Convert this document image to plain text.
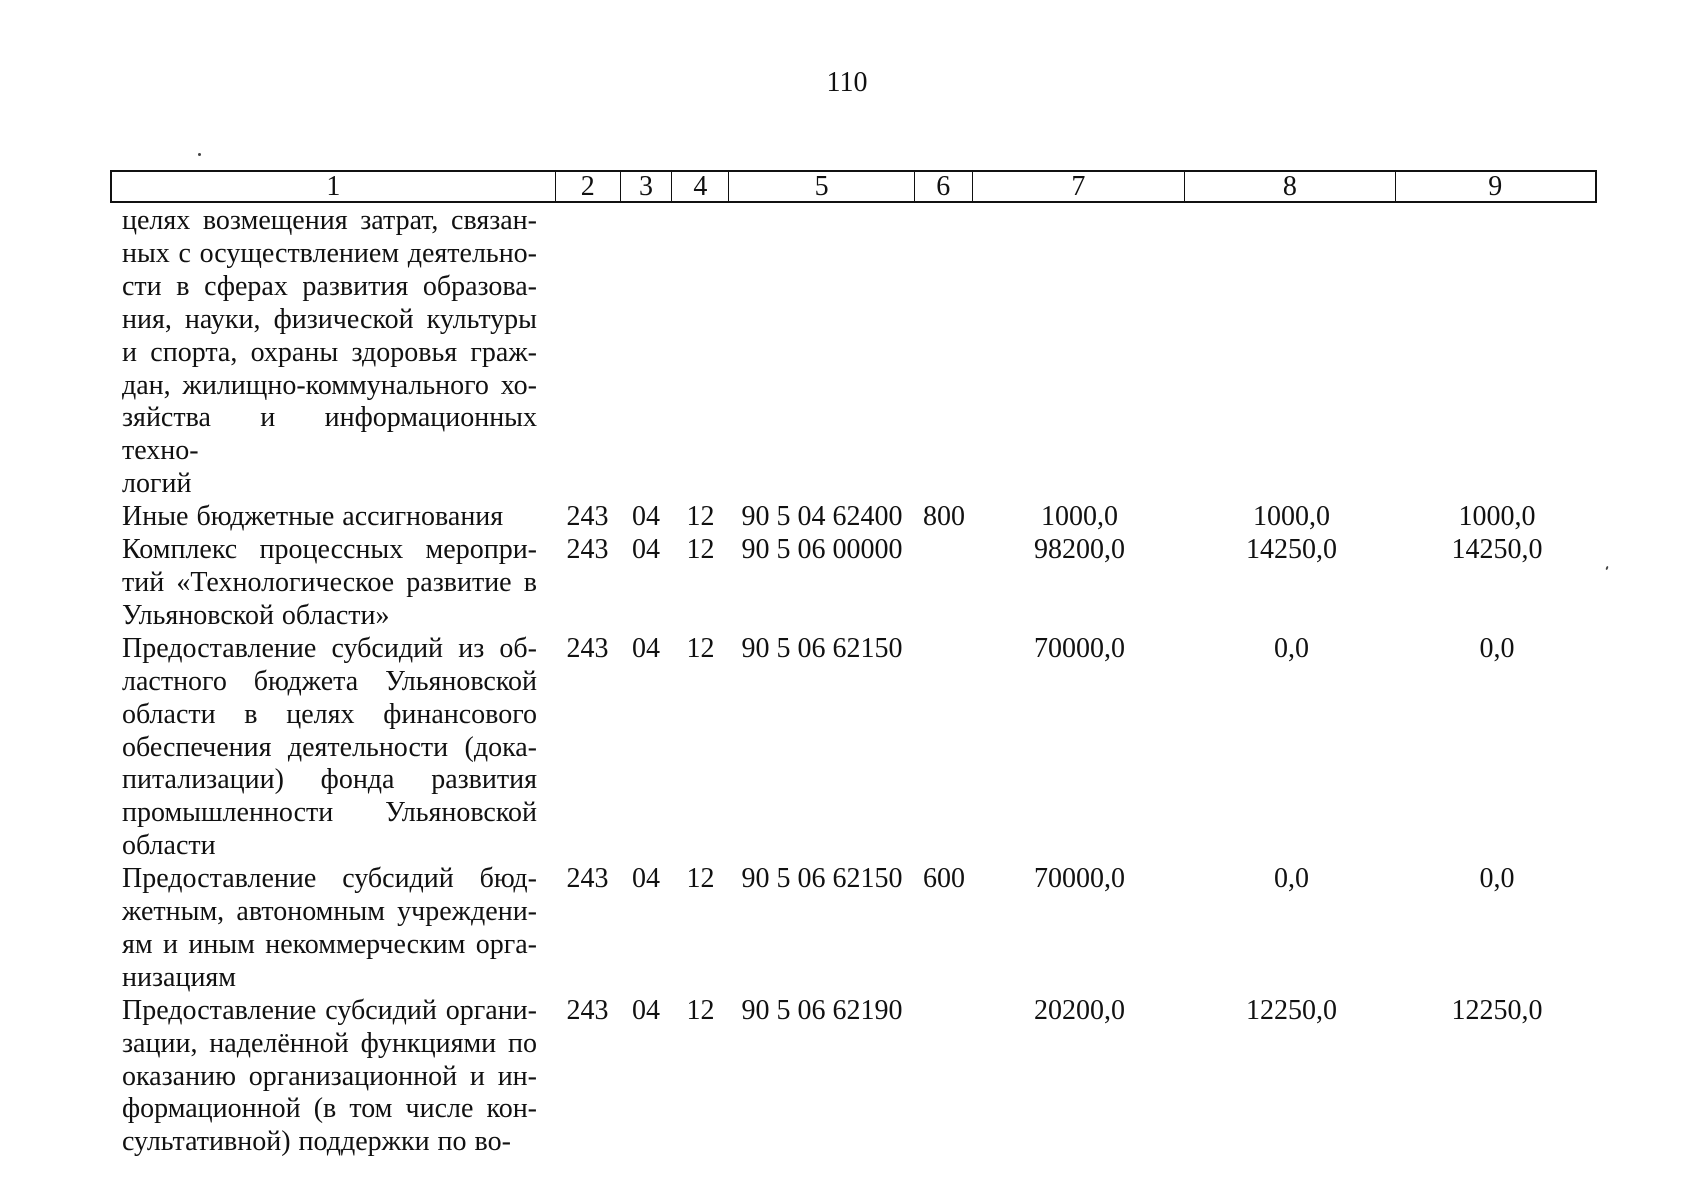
110
1	2	3	4	5	6	7	8	9
целях возмещения затрат, связан-
ных с осуществлением деятельно-
сти в сферах развития образова-
ния, науки, физической культуры
и спорта, охраны здоровья граж-
дан, жилищно-коммунального хо-
зяйства и информационных техно-
логий
Иные бюджетные ассигнования	243 04 12 90 5 04 62400 800	1000,0	1000,0	1000,0
Комплекс процессных меропри-
тий «Технологическое развитие в
Ульяновской области»
243 04 12 90 5 06 00000	98200,0	14250,0	14250,0
Предоставление субсидий из об-
ластного бюджета Ульяновской
области в целях финансового
обеспечения деятельности (дока-
питализации) фонда развития
промышленности Ульяновской
области
243 04 12 90 5 06 62150	70000,0	0,0	0,0
Предоставление субсидий бюд-
жетным, автономным учреждени-
ям и иным некоммерческим орга-
низациям
243 04 12 90 5 06 62150 600	70000,0	0,0	0,0
Предоставление субсидий органи-
зации, наделённой функциями по
оказанию организационной и ин-
формационной (в том числе кон-
сультативной) поддержки по во-
243 04 12 90 5 06 62190	20200,0	12250,0	12250,0
